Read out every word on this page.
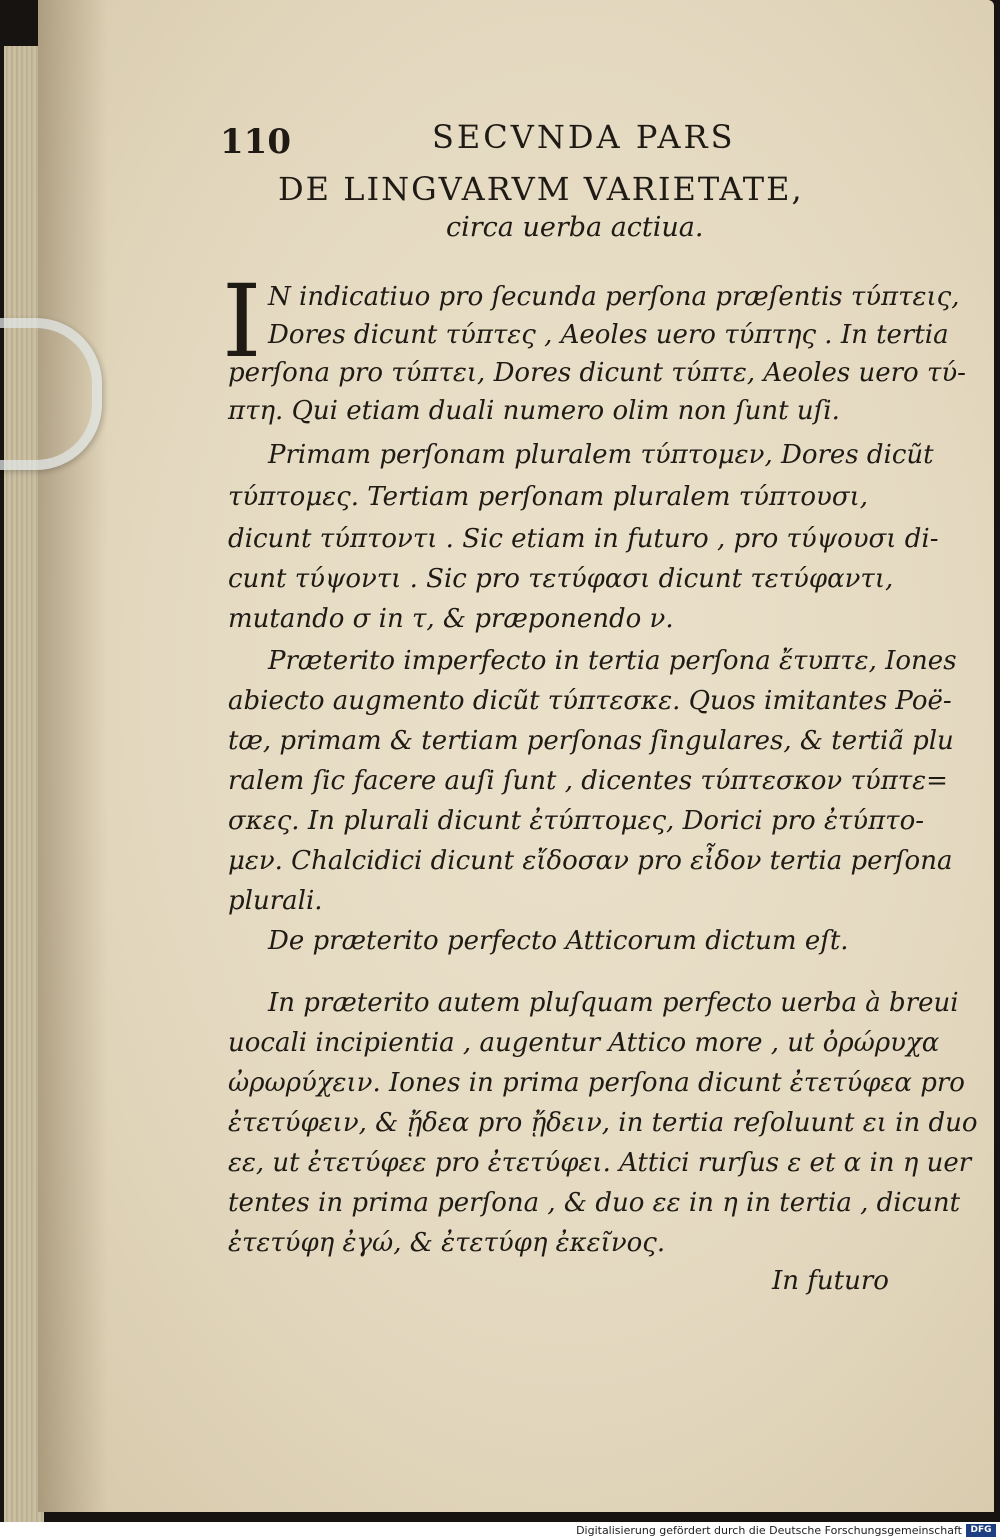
110	SECVNDA PARS
DE LINGVARVM VARIETATE,
circa uerba actiua.
I N indicatiuo pro ſecunda perſona præſentis τύπτεις,
Dores dicunt τύπτες , Aeoles uero τύπτης . In tertia
perſona pro τύπτει, Dores dicunt τύπτε, Aeoles uero τύ-
πτη. Qui etiam duali numero olim non ſunt uſi.
Primam perſonam pluralem τύπτομεν, Dores dicũt
τύπτομες. Tertiam perſonam pluralem τύπτουσι,
dicunt τύπτοντι . Sic etiam in futuro , pro τύψουσι di-
cunt τύψοντι . Sic pro τετύφασι dicunt τετύφαντι,
mutando σ in τ, & præponendo ν.
Præterito imperfecto in tertia perſona ἔτυπτε, Iones
abiecto augmento dicũt τύπτεσκε. Quos imitantes Poë-
tæ, primam & tertiam perſonas ſingulares, & tertiã plu
ralem ſic facere auſi ſunt , dicentes τύπτεσκον τύπτε=
σκες. In plurali dicunt ἐτύπτομες, Dorici pro ἐτύπτο-
μεν. Chalcidici dicunt εἴδοσαν pro εἶδον tertia perſona
plurali.
De præterito perfecto Atticorum dictum eſt.
In præterito autem pluſquam perfecto uerba à breui
uocali incipientia , augentur Attico more , ut ὀρώρυχα
ὠρωρύχειν. Iones in prima perſona dicunt ἐτετύφεα pro
ἐτετύφειν, & ᾔδεα pro ᾔδειν, in tertia reſoluunt ει in duo
εε, ut ἐτετύφεε pro ἐτετύφει. Attici rurſus ε et α in η uer
tentes in prima perſona , & duo εε in η in tertia , dicunt
ἐτετύφη ἐγώ, & ἐτετύφη ἐκεῖνος.
In futuro
Digitalisierung gefördert durch die Deutsche Forschungsgemeinschaft DFG
